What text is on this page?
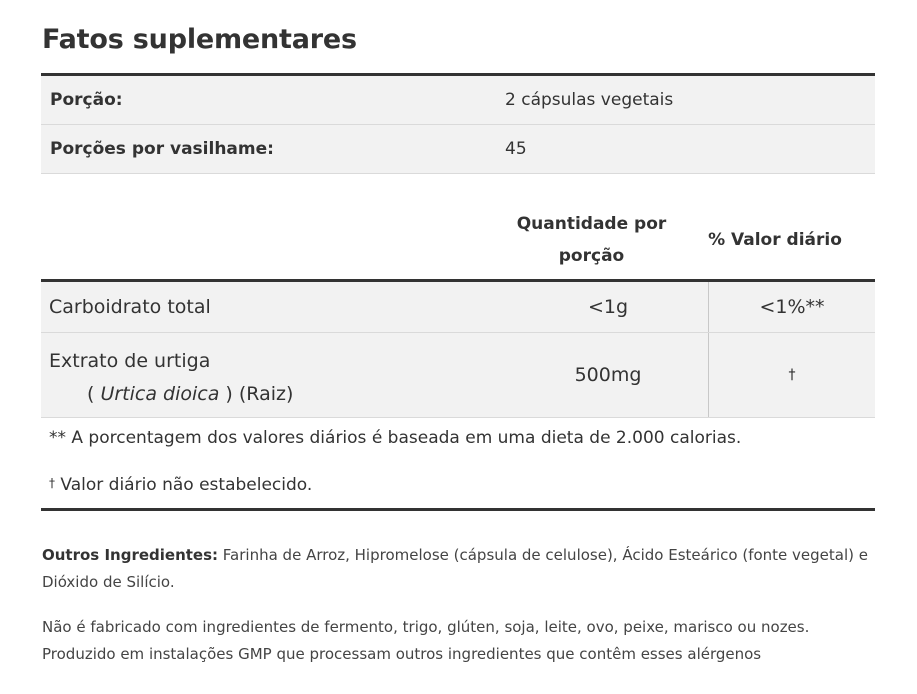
Fatos suplementares
Porção:	2 cápsulas vegetais
Porções por vasilhame:	45
Quantidade por
porção
% Valor diário
Carboidrato total	<1g	<1%**
Extrato de urtiga
( Urtica dioica ) (Raiz)
500mg	†
** A porcentagem dos valores diários é baseada em uma dieta de 2.000 calorias.
† Valor diário não estabelecido.
Outros Ingredientes: Farinha de Arroz, Hipromelose (cápsula de celulose), Ácido Esteárico (fonte vegetal) e Dióxido de Silício.
Não é fabricado com ingredientes de fermento, trigo, glúten, soja, leite, ovo, peixe, marisco ou nozes.
Produzido em instalações GMP que processam outros ingredientes que contêm esses alérgenos
